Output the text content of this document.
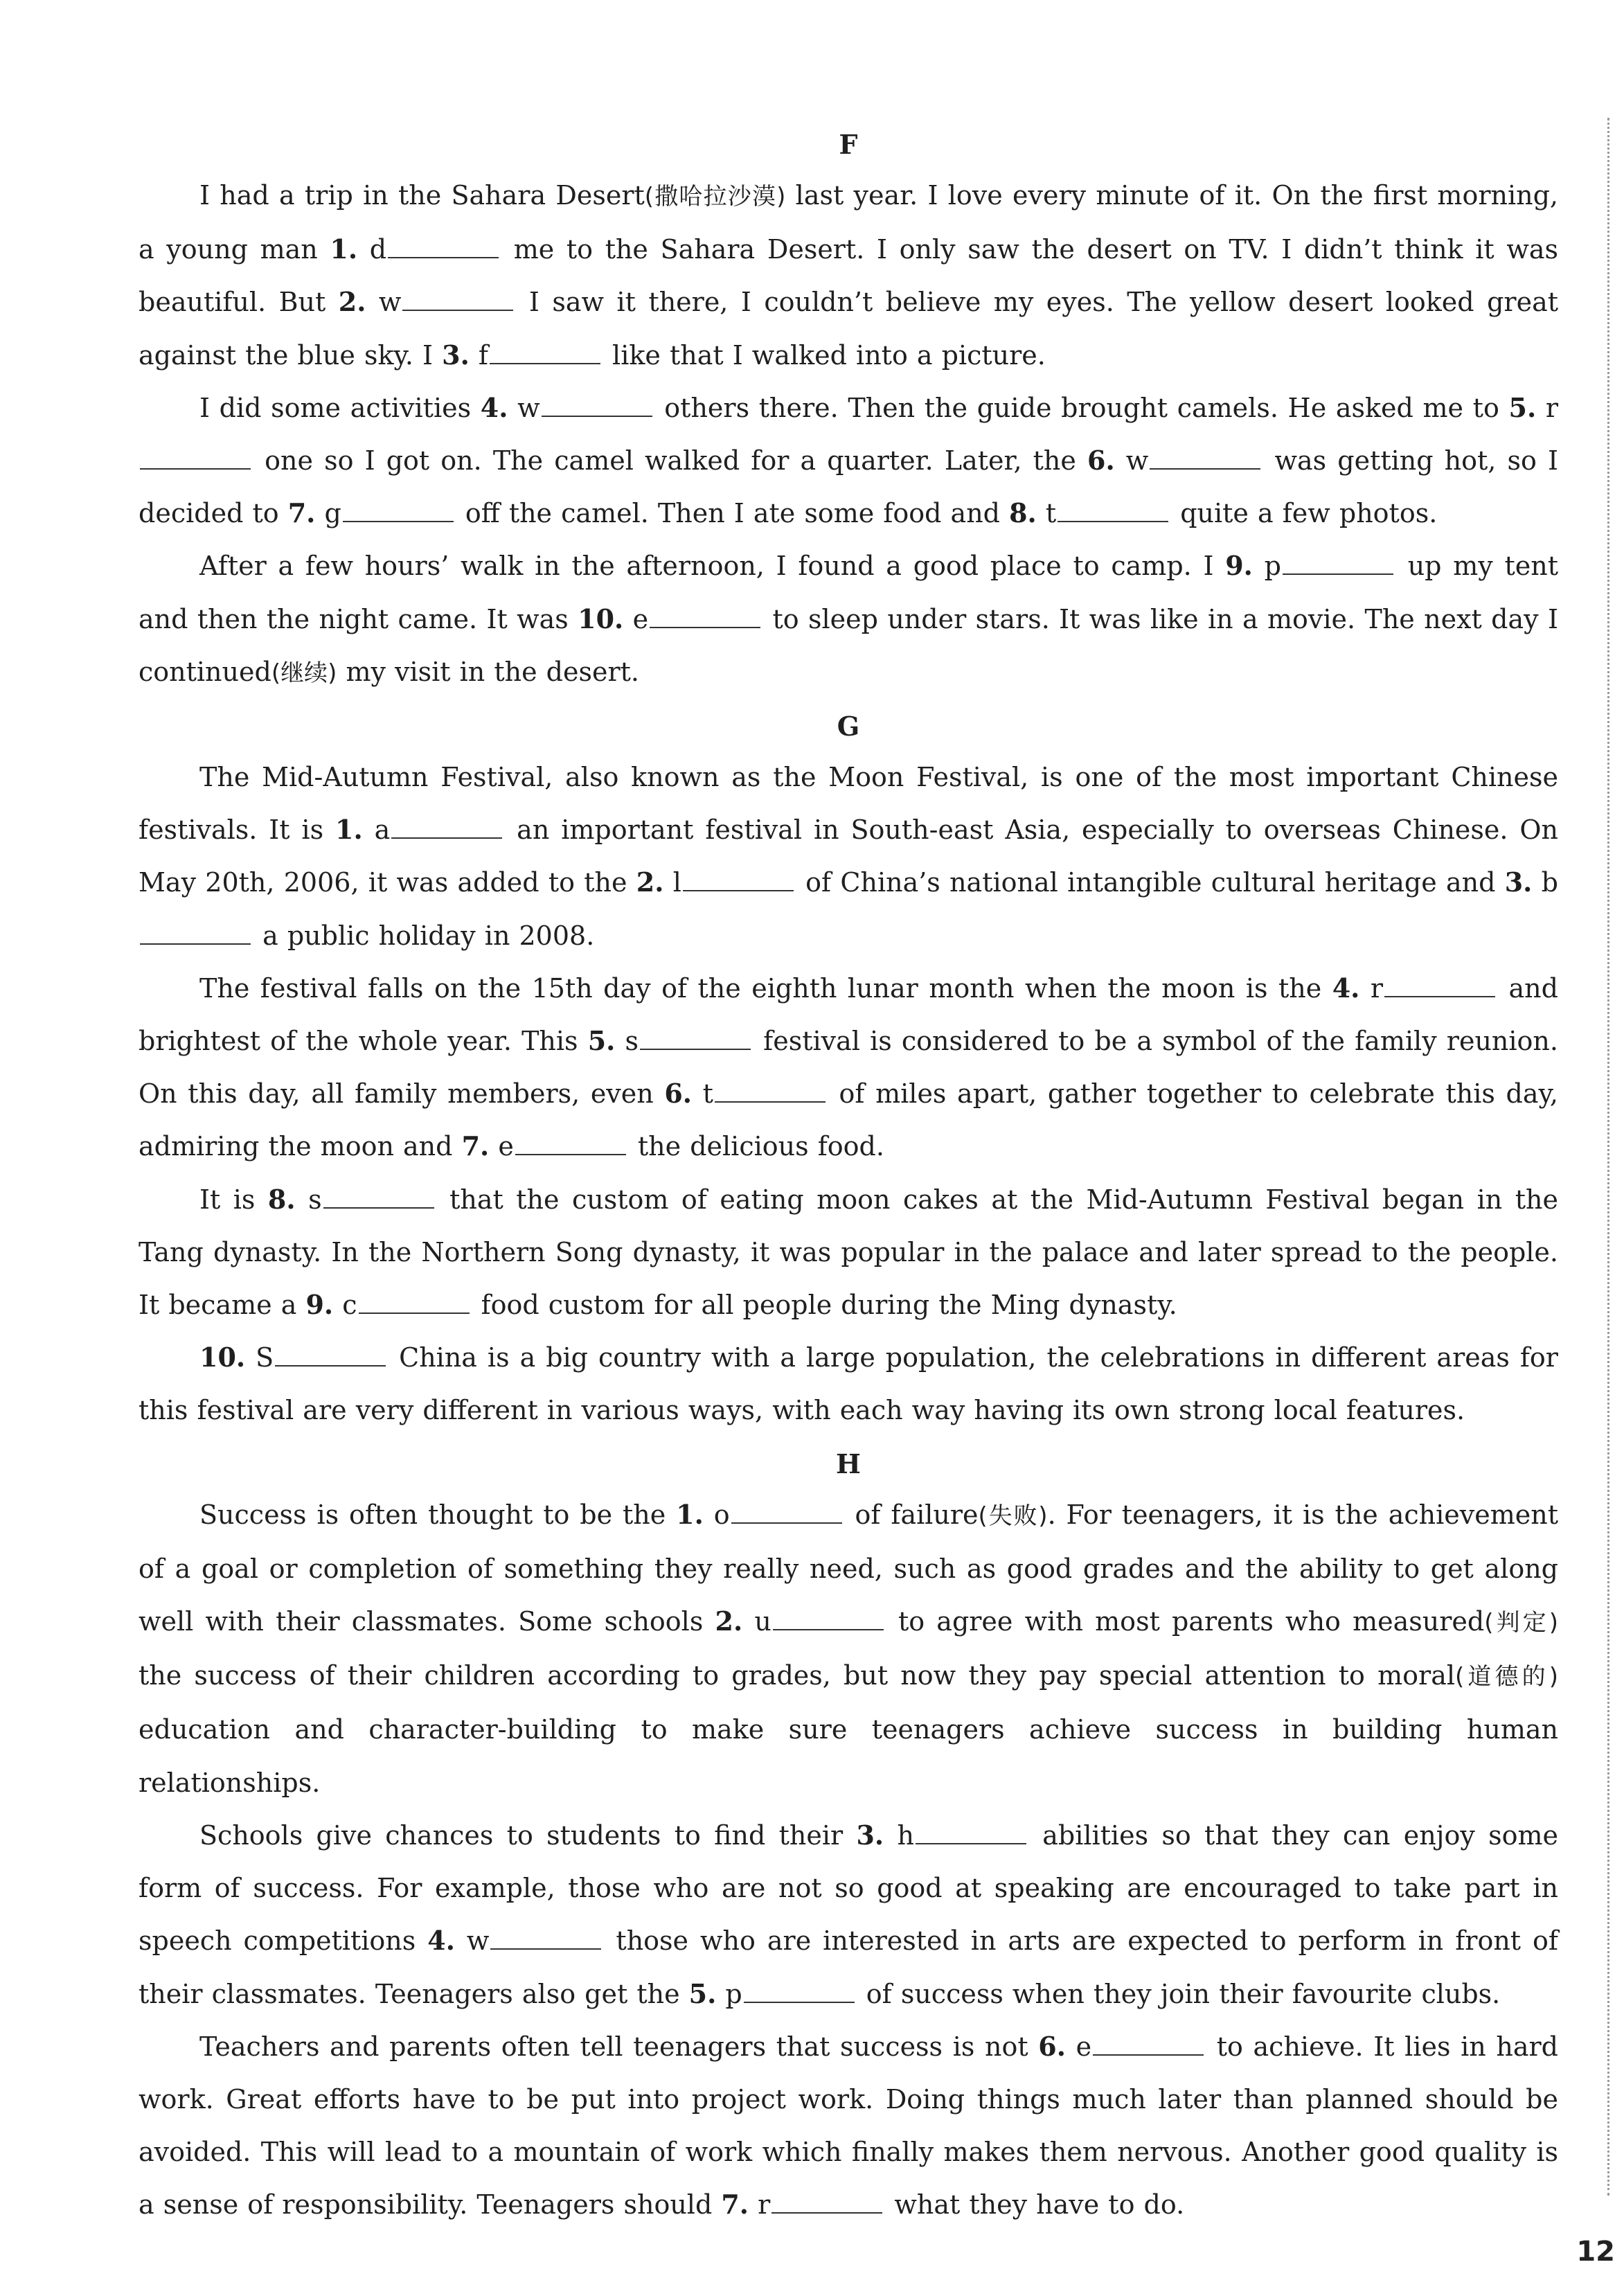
F

I had a trip in the Sahara Desert(撒哈拉沙漠) last year. I love every minute of it. On the first morning, a young man 1. d	me to the Sahara Desert. I only saw the desert on TV. I didn’t think it was beautiful. But 2. w	I saw it there, I couldn’t believe my eyes. The yellow desert looked great against the blue sky. I 3. f	like that I walked into a picture.

I did some activities 4. w	others there. Then the guide brought camels. He asked me to 5. r one so I got on. The camel walked for a quarter. Later, the 6. w	was getting hot, so I decided to 7. g	off the camel. Then I ate some food and 8. t	quite a few photos.

After a few hours’ walk in the afternoon, I found a good place to camp. I 9. p	up my tent and then the night came. It was 10. e	to sleep under stars. It was like in a movie. The next day I continued(继续) my visit in the desert.

G

The Mid-Autumn Festival, also known as the Moon Festival, is one of the most important Chinese festivals. It is 1. a	an important festival in South-east Asia, especially to overseas Chinese. On May 20th, 2006, it was added to the 2. l	of China’s national intangible cultural heritage and 3. b a public holiday in 2008.

The festival falls on the 15th day of the eighth lunar month when the moon is the 4. r	and brightest of the whole year. This 5. s	festival is considered to be a symbol of the family reunion. On this day, all family members, even 6. t	of miles apart, gather together to celebrate this day, admiring the moon and 7. e	the delicious food.

It is 8. s	that the custom of eating moon cakes at the Mid-Autumn Festival began in the Tang dynasty. In the Northern Song dynasty, it was popular in the palace and later spread to the people. It became a 9. c	food custom for all people during the Ming dynasty.

10. S	China is a big country with a large population, the celebrations in different areas for this festival are very different in various ways, with each way having its own strong local features.

H

Success is often thought to be the 1. o	of failure(失败). For teenagers, it is the achievement of a goal or completion of something they really need, such as good grades and the ability to get along well with their classmates. Some schools 2. u	to agree with most parents who measured(判定) the success of their children according to grades, but now they pay special attention to moral(道德的) education and character-building to make sure teenagers achieve success in building human relationships.

Schools give chances to students to find their 3. h	abilities so that they can enjoy some form of success. For example, those who are not so good at speaking are encouraged to take part in speech competitions 4. w	those who are interested in arts are expected to perform in front of their classmates. Teenagers also get the 5. p	of success when they join their favourite clubs.

Teachers and parents often tell teenagers that success is not 6. e	to achieve. It lies in hard work. Great efforts have to be put into project work. Doing things much later than planned should be avoided. This will lead to a mountain of work which finally makes them nervous. Another good quality is a sense of responsibility. Teenagers should 7. r	what they have to do.

12
